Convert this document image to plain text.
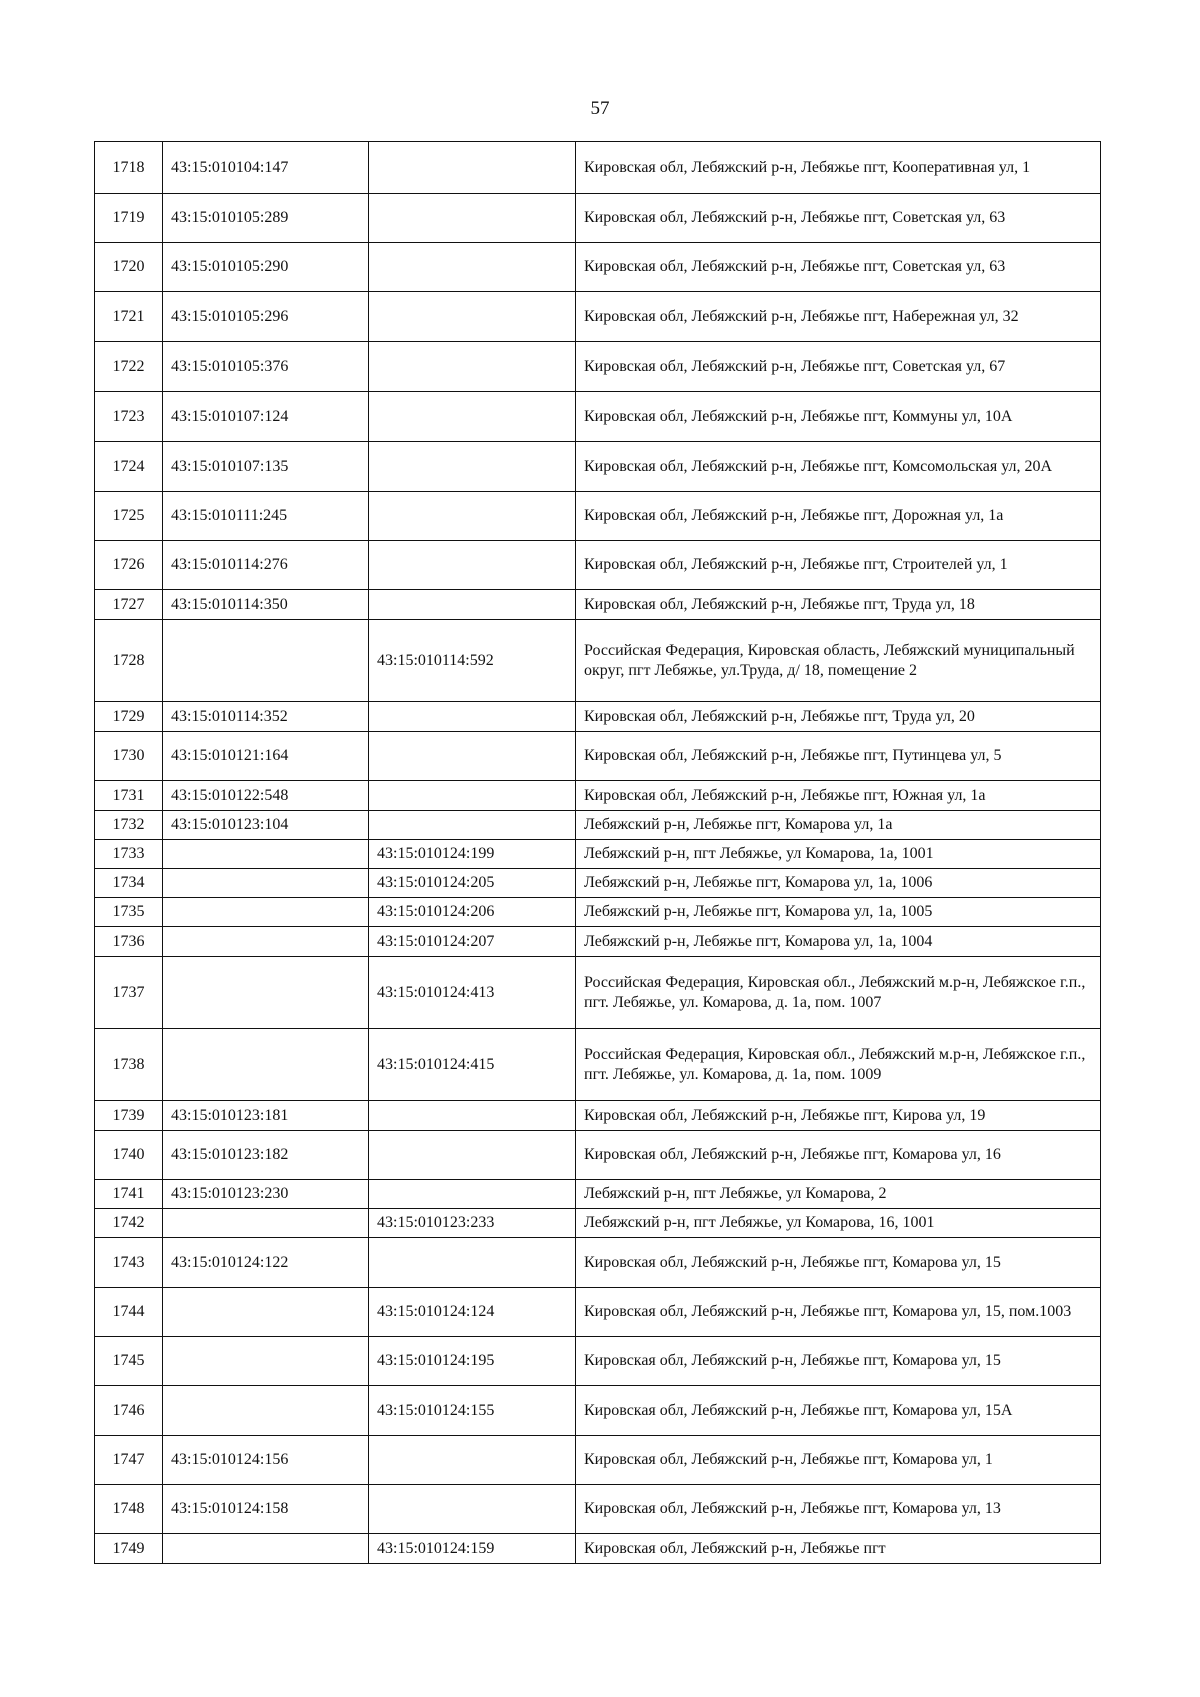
57
1718	43:15:010104:147		Кировская обл, Лебяжский р-н, Лебяжье пгт, Кооперативная ул, 1
1719	43:15:010105:289		Кировская обл, Лебяжский р-н, Лебяжье пгт, Советская ул, 63
1720	43:15:010105:290		Кировская обл, Лебяжский р-н, Лебяжье пгт, Советская ул, 63
1721	43:15:010105:296		Кировская обл, Лебяжский р-н, Лебяжье пгт, Набережная ул, 32
1722	43:15:010105:376		Кировская обл, Лебяжский р-н, Лебяжье пгт, Советская ул, 67
1723	43:15:010107:124		Кировская обл, Лебяжский р-н, Лебяжье пгт, Коммуны ул, 10А
1724	43:15:010107:135		Кировская обл, Лебяжский р-н, Лебяжье пгт, Комсомольская ул, 20А
1725	43:15:010111:245		Кировская обл, Лебяжский р-н, Лебяжье пгт, Дорожная ул, 1а
1726	43:15:010114:276		Кировская обл, Лебяжский р-н, Лебяжье пгт, Строителей ул, 1
1727	43:15:010114:350		Кировская обл, Лебяжский р-н, Лебяжье пгт, Труда ул, 18
1728		43:15:010114:592	Российская Федерация, Кировская область, Лебяжский муниципальный округ, пгт Лебяжье, ул.Труда, д/ 18, помещение 2
1729	43:15:010114:352		Кировская обл, Лебяжский р-н, Лебяжье пгт, Труда ул, 20
1730	43:15:010121:164		Кировская обл, Лебяжский р-н, Лебяжье пгт, Путинцева ул, 5
1731	43:15:010122:548		Кировская обл, Лебяжский р-н, Лебяжье пгт, Южная ул, 1а
1732	43:15:010123:104		Лебяжский р-н, Лебяжье пгт, Комарова ул, 1а
1733		43:15:010124:199	Лебяжский р-н, пгт Лебяжье, ул Комарова, 1а, 1001
1734		43:15:010124:205	Лебяжский р-н, Лебяжье пгт, Комарова ул, 1а, 1006
1735		43:15:010124:206	Лебяжский р-н, Лебяжье пгт, Комарова ул, 1а, 1005
1736		43:15:010124:207	Лебяжский р-н, Лебяжье пгт, Комарова ул, 1а, 1004
1737		43:15:010124:413	Российская Федерация, Кировская обл., Лебяжский м.р-н, Лебяжское г.п., пгт. Лебяжье, ул. Комарова, д. 1а, пом. 1007
1738		43:15:010124:415	Российская Федерация, Кировская обл., Лебяжский м.р-н, Лебяжское г.п., пгт. Лебяжье, ул. Комарова, д. 1а, пом. 1009
1739	43:15:010123:181		Кировская обл, Лебяжский р-н, Лебяжье пгт, Кирова ул, 19
1740	43:15:010123:182		Кировская обл, Лебяжский р-н, Лебяжье пгт, Комарова ул, 16
1741	43:15:010123:230		Лебяжский р-н, пгт Лебяжье, ул Комарова, 2
1742		43:15:010123:233	Лебяжский р-н, пгт Лебяжье, ул Комарова, 16, 1001
1743	43:15:010124:122		Кировская обл, Лебяжский р-н, Лебяжье пгт, Комарова ул, 15
1744		43:15:010124:124	Кировская обл, Лебяжский р-н, Лебяжье пгт, Комарова ул, 15, пом.1003
1745		43:15:010124:195	Кировская обл, Лебяжский р-н, Лебяжье пгт, Комарова ул, 15
1746		43:15:010124:155	Кировская обл, Лебяжский р-н, Лебяжье пгт, Комарова ул, 15А
1747	43:15:010124:156		Кировская обл, Лебяжский р-н, Лебяжье пгт, Комарова ул, 1
1748	43:15:010124:158		Кировская обл, Лебяжский р-н, Лебяжье пгт, Комарова ул, 13
1749		43:15:010124:159	Кировская обл, Лебяжский р-н, Лебяжье пгт
